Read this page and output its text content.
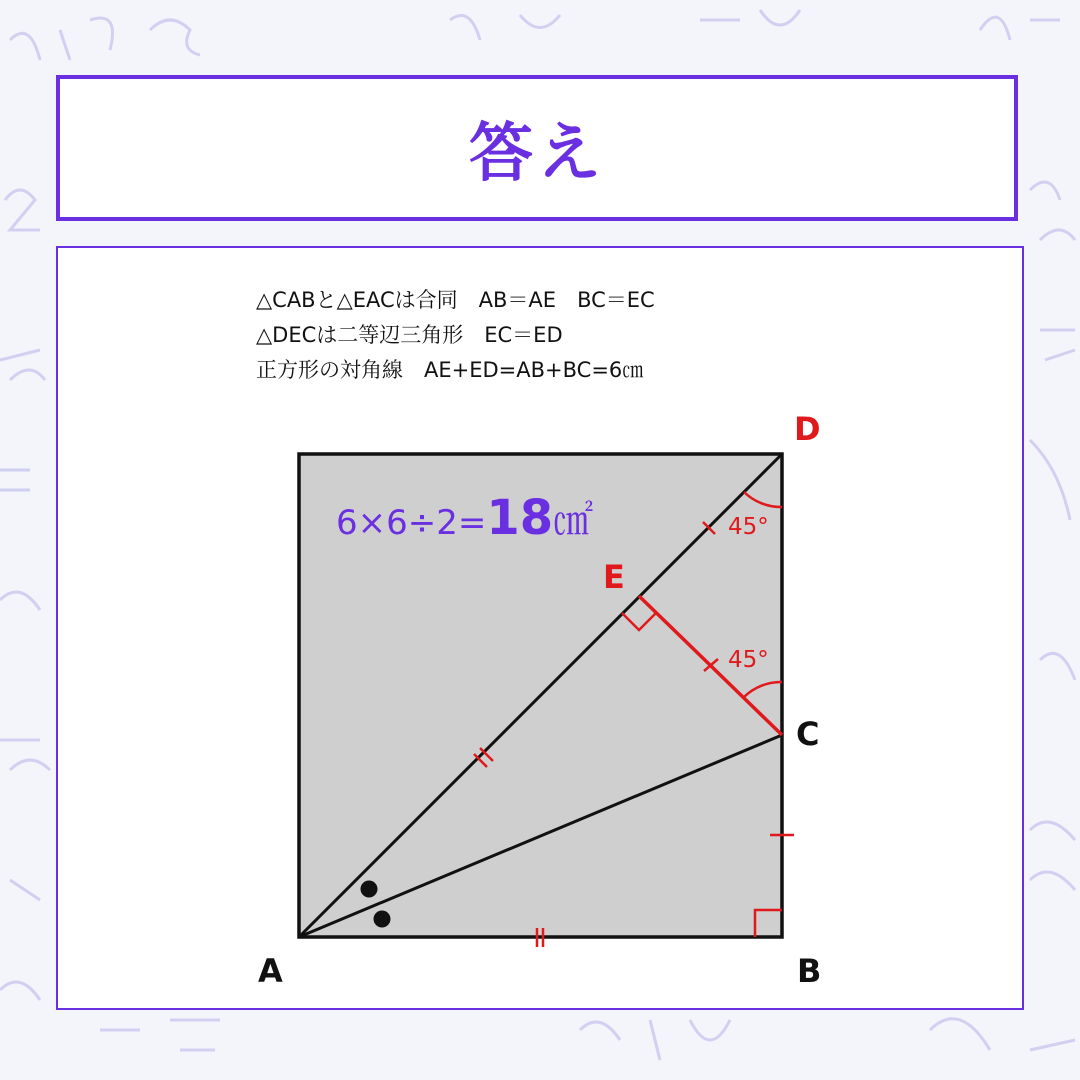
答え
△CABと△EACは合同　AB＝AE　BC＝EC
△DECは二等辺三角形　EC＝ED
正方形の対角線　AE+ED=AB+BC=6㎝
6×6÷2=18㎠	45°
45°
D
E
C
A	B
